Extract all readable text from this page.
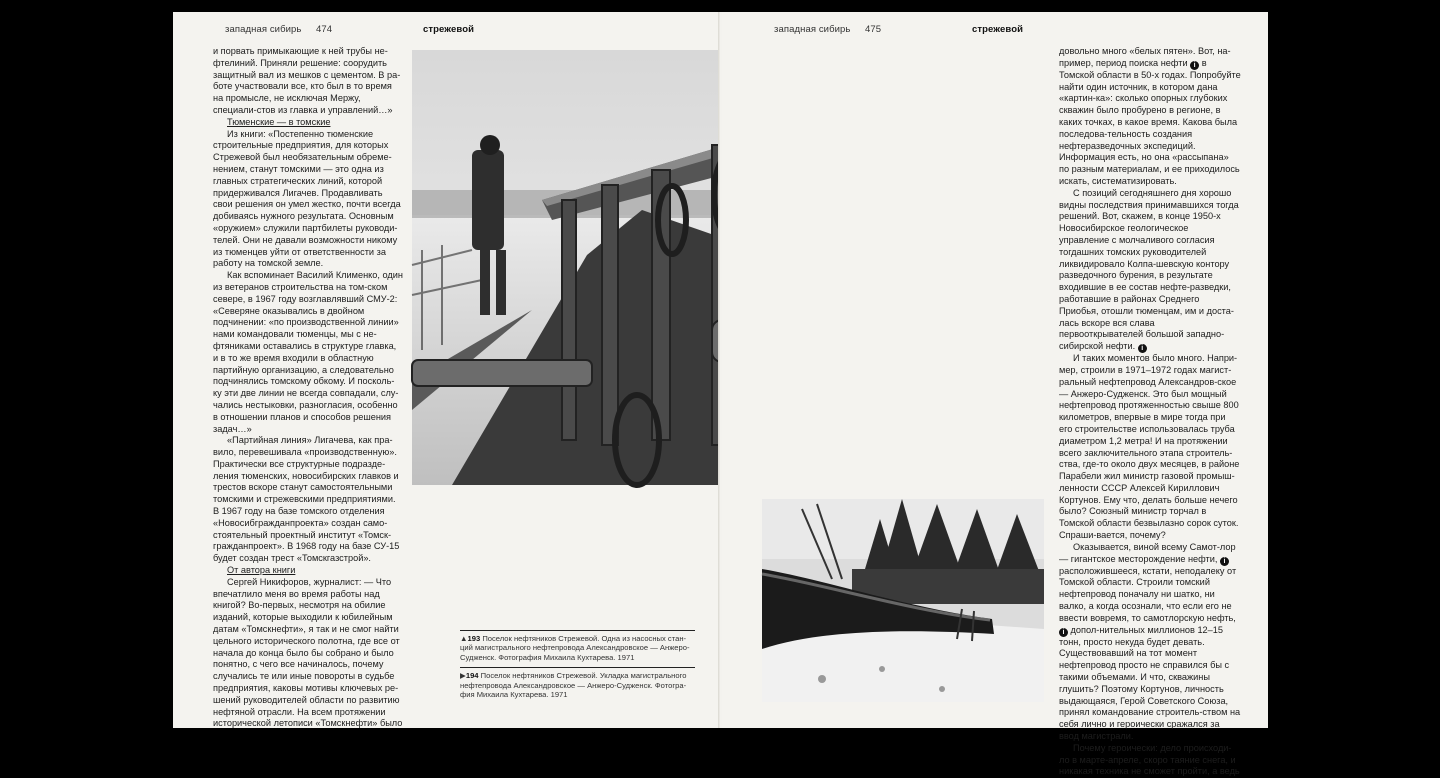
западная сибирь 474	стрежевой

и порвать примыкающие к ней трубы не-фтелиний. Приняли решение: соорудить защитный вал из мешков с цементом. В ра-боте участвовали все, кто был в то время на промысле, не исключая Мержу, специали-стов из главка и управлений…»

Тюменские — в томские

Из книги: «Постепенно тюменские строительные предприятия, для которых Стрежевой был необязательным обреме-нением, станут томскими — это одна из главных стратегических линий, которой придерживался Лигачев. Продавливать свои решения он умел жестко, почти всегда добиваясь нужного результата. Основным «оружием» служили партбилеты руководи-телей. Они не давали возможности никому из тюменцев уйти от ответственности за работу на томской земле.

Как вспоминает Василий Клименко, один из ветеранов строительства на том-ском севере, в 1967 году возглавлявший СМУ-2: «Северяне оказывались в двойном подчинении: «по производственной линии» нами командовали тюменцы, мы с не-фтяниками оставались в структуре главка, и в то же время входили в областную партийную организацию, а следовательно подчинялись томскому обкому. И посколь-ку эти две линии не всегда совпадали, слу-чались нестыковки, разногласия, особенно в отношении планов и способов решения задач…»

«Партийная линия» Лигачева, как пра-вило, перевешивала «производственную». Практически все структурные подразде-ления тюменских, новосибирских главков и трестов вскоре станут самостоятельными томскими и стрежевскими предприятиями. В 1967 году на базе томского отделения «Новосибгражданпроекта» создан само-стоятельный проектный институт «Томск-гражданпроект». В 1968 году на базе СУ-15 будет создан трест «Томскгазстрой».

От автора книги

Сергей Никифоров, журналист: — Что впечатлило меня во время работы над книгой? Во-первых, несмотря на обилие изданий, которые выходили к юбилейным датам «Томскнефти», я так и не смог найти цельного исторического полотна, где все от начала до конца было бы собрано и было понятно, с чего все начиналось, почему случались те или иные повороты в судьбе предприятия, каковы мотивы ключевых ре-шений руководителей области по развитию нефтяной отрасли. На всем протяжении исторической летописи «Томскнефти» было

▲193 Поселок нефтяников Стрежевой. Одна из насосных стан-ций магистрального нефтепровода Александровское — Анжеро-Судженск. Фотография Михаила Кухтарева. 1971
▶194 Поселок нефтяников Стрежевой. Укладка магистрального нефтепровода Александровское — Анжеро-Судженск. Фотогра-фия Михаила Кухтарева. 1971
западная сибирь 475	стрежевой

довольно много «белых пятен». Вот, на-пример, период поиска нефти i в Томской области в 50-х годах. Попробуйте найти один источник, в котором дана «картин-ка»: сколько опорных глубоких скважин было пробурено в регионе, в каких точках, в какое время. Какова была последова-тельность создания нефтеразведочных экспедиций. Информация есть, но она «рассыпана» по разным материалам, и ее приходилось искать, систематизировать.

С позиций сегодняшнего дня хорошо видны последствия принимавшихся тогда решений. Вот, скажем, в конце 1950-х Новосибирское геологическое управление с молчаливого согласия тогдашних томских руководителей ликвидировало Колпа-шевскую контору разведочного бурения, в результате входившие в ее состав нефте-разведки, работавшие в районах Среднего Приобья, отошли тюменцам, им и доста-лась вскоре вся слава первооткрывателей большой западно-сибирской нефти. i

И таких моментов было много. Напри-мер, строили в 1971–1972 годах магист-ральный нефтепровод Александров-ское — Анжеро-Судженск. Это был мощный нефтепровод протяженностью свыше 800 километров, впервые в мире тогда при его строительстве использовалась труба диаметром 1,2 метра! И на протяжении всего заключительного этапа строитель-ства, где-то около двух месяцев, в районе Парабели жил министр газовой промыш-ленности СССР Алексей Кириллович Кортунов. Ему что, делать больше нечего было? Союзный министр торчал в Томской области безвылазно сорок суток. Спраши-вается, почему?

Оказывается, виной всему Самот-лор — гигантское месторождение нефти, i расположившееся, кстати, неподалеку от Томской области. Строили томский нефтепровод поначалу ни шатко, ни валко, а когда осознали, что если его не ввести вовремя, то самотлорскую нефть, i допол-нительных миллионов 12–15 тонн, просто некуда будет девать. Существовавший на тот момент нефтепровод просто не справился бы с такими объемами. И что, скважины глушить? Поэтому Кортунов, личность выдающаяся, Герой Советского Союза, принял командование строитель-ством на себя лично и героически сражался за ввод магистрали.

Почему героически: дело происходи-ло в марте-апреле, скоро таяние снега, и никакая техника не сможет пройти, а ведь
